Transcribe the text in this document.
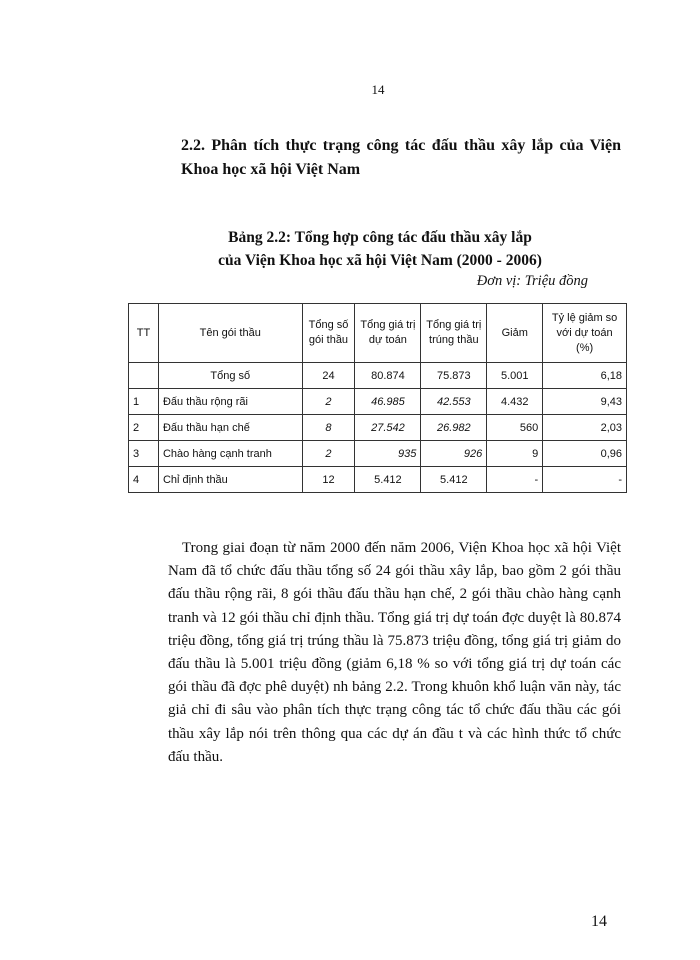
14
2.2. Phân tích thực trạng công tác đấu thầu xây lắp của Viện Khoa học xã hội Việt Nam
Bảng 2.2: Tổng hợp công tác đấu thầu xây lắp
của Viện Khoa học xã hội Việt Nam (2000 - 2006)
Đơn vị: Triệu đồng
TT	Tên gói thầu	Tổng số gói thầu	Tổng giá trị dự toán	Tổng giá trị trúng thầu	Giảm	Tỷ lệ giảm so với dự toán (%)
	Tổng số	24	80.874	75.873	5.001	6,18
1	Đấu thầu rộng rãi	2	46.985	42.553	4.432	9,43
2	Đấu thầu hạn chế	8	27.542	26.982	560	2,03
3	Chào hàng cạnh tranh	2	935	926	9	0,96
4	Chỉ định thầu	12	5.412	5.412	-	-

Trong giai đoạn từ năm 2000 đến năm 2006, Viện Khoa học xã hội Việt Nam đã tổ chức đấu thầu tổng số 24 gói thầu xây lắp, bao gồm 2 gói thầu đấu thầu rộng rãi, 8 gói thầu đấu thầu hạn chế, 2 gói thầu chào hàng cạnh tranh và 12 gói thầu chỉ định thầu. Tổng giá trị dự toán đợc duyệt là 80.874 triệu đồng, tổng giá trị trúng thầu là 75.873 triệu đồng, tổng giá trị giảm do đấu thầu là 5.001 triệu đồng (giảm 6,18 % so với tổng giá trị dự toán các gói thầu đã đợc phê duyệt) nh bảng 2.2. Trong khuôn khổ luận văn này, tác giả chỉ đi sâu vào phân tích thực trạng công tác tổ chức đấu thầu các gói thầu xây lắp nói trên thông qua các dự án đầu t và các hình thức tổ chức đấu thầu.

14
